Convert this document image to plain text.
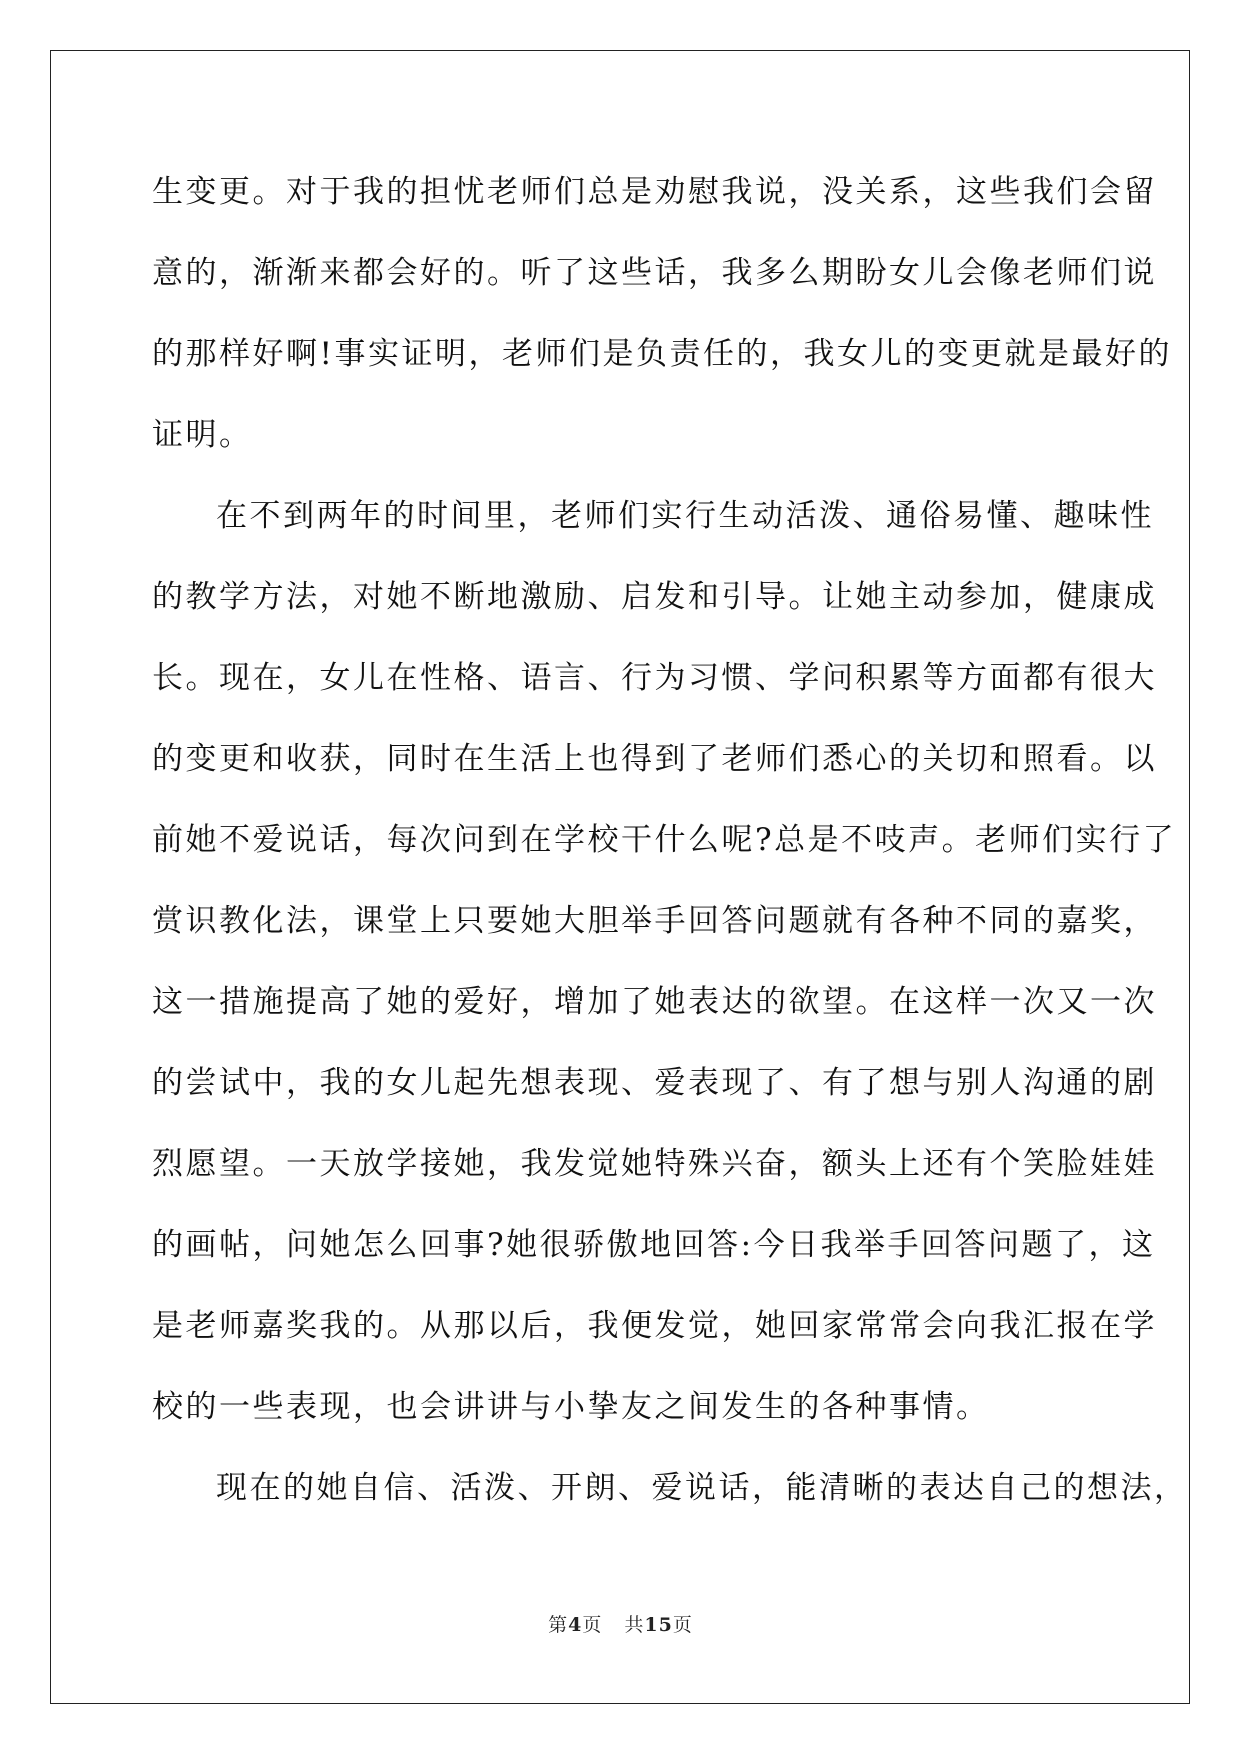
生变更。对于我的担忧老师们总是劝慰我说，没关系，这些我们会留
意的，渐渐来都会好的。听了这些话，我多么期盼女儿会像老师们说
的那样好啊!事实证明，老师们是负责任的，我女儿的变更就是最好的
证明。
在不到两年的时间里，老师们实行生动活泼、通俗易懂、趣味性
的教学方法，对她不断地激励、启发和引导。让她主动参加，健康成
长。现在，女儿在性格、语言、行为习惯、学问积累等方面都有很大
的变更和收获，同时在生活上也得到了老师们悉心的关切和照看。以
前她不爱说话，每次问到在学校干什么呢?总是不吱声。老师们实行了
赏识教化法，课堂上只要她大胆举手回答问题就有各种不同的嘉奖，
这一措施提高了她的爱好，增加了她表达的欲望。在这样一次又一次
的尝试中，我的女儿起先想表现、爱表现了、有了想与别人沟通的剧
烈愿望。一天放学接她，我发觉她特殊兴奋，额头上还有个笑脸娃娃
的画帖，问她怎么回事?她很骄傲地回答:今日我举手回答问题了，这
是老师嘉奖我的。从那以后，我便发觉，她回家常常会向我汇报在学
校的一些表现，也会讲讲与小挚友之间发生的各种事情。
现在的她自信、活泼、开朗、爱说话，能清晰的表达自己的想法，
第4页 共15页
